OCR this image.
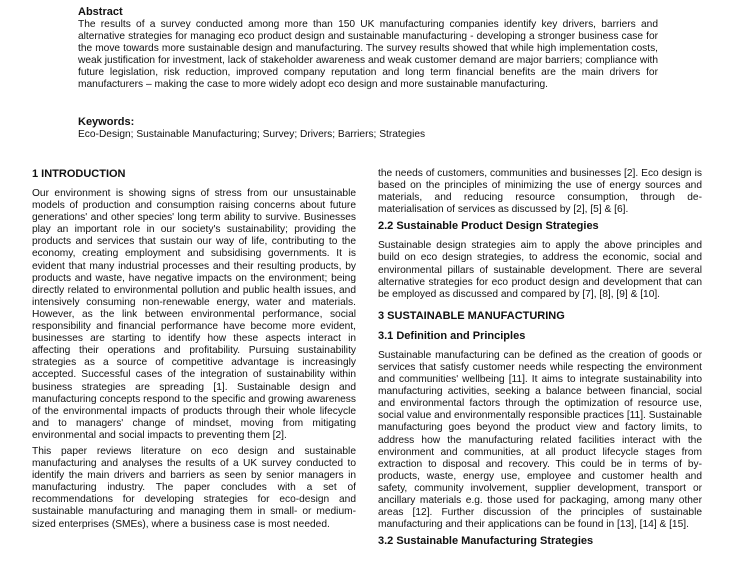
Abstract
The results of a survey conducted among more than 150 UK manufacturing companies identify key drivers, barriers and alternative strategies for managing eco product design and sustainable manufacturing - developing a stronger business case for the move towards more sustainable design and manufacturing. The survey results showed that while high implementation costs, weak justification for investment, lack of stakeholder awareness and weak customer demand are major barriers; compliance with future legislation, risk reduction, improved company reputation and long term financial benefits are the main drivers for manufacturers – making the case to more widely adopt eco design and more sustainable manufacturing.
Keywords:
Eco-Design; Sustainable Manufacturing; Survey; Drivers; Barriers; Strategies
1 INTRODUCTION
Our environment is showing signs of stress from our unsustainable models of production and consumption raising concerns about future generations' and other species' long term ability to survive. Businesses play an important role in our society's sustainability; providing the products and services that sustain our way of life, contributing to the economy, creating employment and subsidising governments. It is evident that many industrial processes and their resulting products, by products and waste, have negative impacts on the environment; being directly related to environmental pollution and public health issues, and intensively consuming non-renewable energy, water and materials. However, as the link between environmental performance, social responsibility and financial performance have become more evident, businesses are starting to identify how these aspects interact in affecting their operations and profitability. Pursuing sustainability strategies as a source of competitive advantage is increasingly accepted. Successful cases of the integration of sustainability within business strategies are spreading [1]. Sustainable design and manufacturing concepts respond to the specific and growing awareness of the environmental impacts of products through their whole lifecycle and to managers' change of mindset, moving from mitigating environmental and social impacts to preventing them [2].
This paper reviews literature on eco design and sustainable manufacturing and analyses the results of a UK survey conducted to identify the main drivers and barriers as seen by senior managers in manufacturing industry. The paper concludes with a set of recommendations for developing strategies for eco-design and sustainable manufacturing and managing them in small- or medium-sized enterprises (SMEs), where a business case is most needed.
the needs of customers, communities and businesses [2]. Eco design is based on the principles of minimizing the use of energy sources and materials, and reducing resource consumption, through de-materialisation of services as discussed by [2], [5] & [6].
2.2 Sustainable Product Design Strategies
Sustainable design strategies aim to apply the above principles and build on eco design strategies, to address the economic, social and environmental pillars of sustainable development. There are several alternative strategies for eco product design and development that can be employed as discussed and compared by [7], [8], [9] & [10].
3 SUSTAINABLE MANUFACTURING
3.1 Definition and Principles
Sustainable manufacturing can be defined as the creation of goods or services that satisfy customer needs while respecting the environment and communities' wellbeing [11]. It aims to integrate sustainability into manufacturing activities, seeking a balance between financial, social and environmental factors through the optimization of resource use, social value and environmentally responsible practices [11]. Sustainable manufacturing goes beyond the product view and factory limits, to address how the manufacturing related facilities interact with the environment and communities, at all product lifecycle stages from extraction to disposal and recovery. This could be in terms of by-products, waste, energy use, employee and customer health and safety, community involvement, supplier development, transport or ancillary materials e.g. those used for packaging, among many other areas [12]. Further discussion of the principles of sustainable manufacturing and their applications can be found in [13], [14] & [15].
3.2 Sustainable Manufacturing Strategies
